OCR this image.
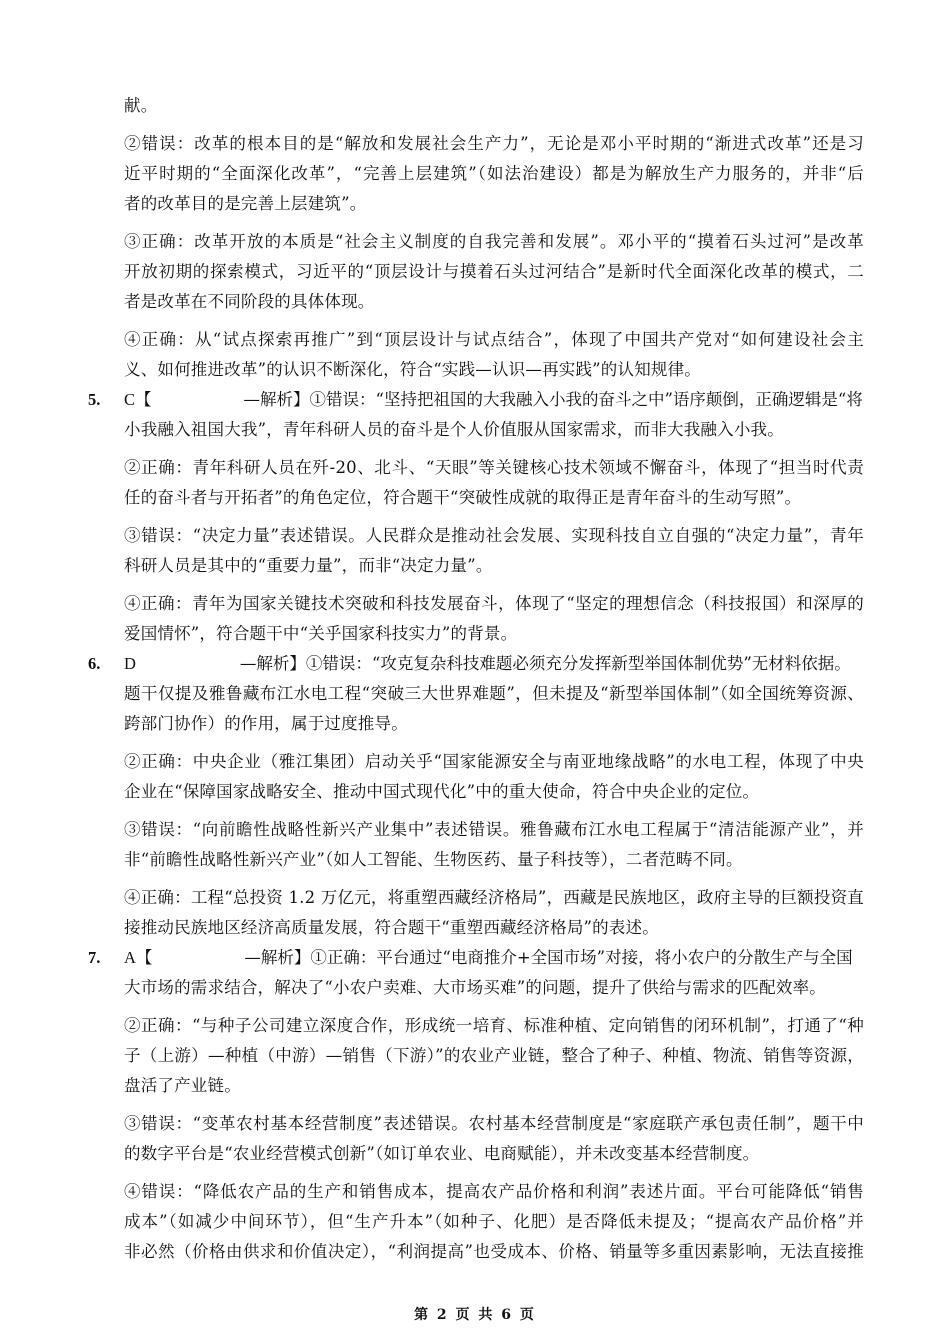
献。
②错误：改革的根本目的是“解放和发展社会生产力”，无论是邓小平时期的“渐进式改革”还是习
近平时期的“全面深化改革”，“完善上层建筑”（如法治建设）都是为解放生产力服务的，并非“后
者的改革目的是完善上层建筑”。
③正确：改革开放的本质是“社会主义制度的自我完善和发展”。邓小平的“摸着石头过河”是改革
开放初期的探索模式，习近平的“顶层设计与摸着石头过河结合”是新时代全面深化改革的模式，二
者是改革在不同阶段的具体体现。
④正确：从“试点探索再推广”到“顶层设计与试点结合”，体现了中国共产党对“如何建设社会主
义、如何推进改革”的认识不断深化，符合“实践—认识—再实践”的认知规律。
5. C【	—解析】①错误：“坚持把祖国的大我融入小我的奋斗之中”语序颠倒，正确逻辑是“将
小我融入祖国大我”，青年科研人员的奋斗是个人价值服从国家需求，而非大我融入小我。
②正确：青年科研人员在歼-20、北斗、“天眼”等关键核心技术领域不懈奋斗，体现了“担当时代责
任的奋斗者与开拓者”的角色定位，符合题干“突破性成就的取得正是青年奋斗的生动写照”。
③错误：“决定力量”表述错误。人民群众是推动社会发展、实现科技自立自强的“决定力量”，青年
科研人员是其中的“重要力量”，而非“决定力量”。
④正确：青年为国家关键技术突破和科技发展奋斗，体现了“坚定的理想信念（科技报国）和深厚的
爱国情怀”，符合题干中“关乎国家科技实力”的背景。
6. D	—解析】①错误：“攻克复杂科技难题必须充分发挥新型举国体制优势”无材料依据。
题干仅提及雅鲁藏布江水电工程“突破三大世界难题”，但未提及“新型举国体制”（如全国统筹资源、
跨部门协作）的作用，属于过度推导。
②正确：中央企业（雅江集团）启动关乎“国家能源安全与南亚地缘战略”的水电工程，体现了中央
企业在“保障国家战略安全、推动中国式现代化”中的重大使命，符合中央企业的定位。
③错误：“向前瞻性战略性新兴产业集中”表述错误。雅鲁藏布江水电工程属于“清洁能源产业”，并
非“前瞻性战略性新兴产业”（如人工智能、生物医药、量子科技等），二者范畴不同。
④正确：工程“总投资 1.2 万亿元，将重塑西藏经济格局”，西藏是民族地区，政府主导的巨额投资直
接推动民族地区经济高质量发展，符合题干“重塑西藏经济格局”的表述。
7. A【	—解析】①正确：平台通过“电商推介+全国市场”对接，将小农户的分散生产与全国
大市场的需求结合，解决了“小农户卖难、大市场买难”的问题，提升了供给与需求的匹配效率。
②正确：“与种子公司建立深度合作，形成统一培育、标准种植、定向销售的闭环机制”，打通了“种
子（上游）—种植（中游）—销售（下游）”的农业产业链，整合了种子、种植、物流、销售等资源，
盘活了产业链。
③错误：“变革农村基本经营制度”表述错误。农村基本经营制度是“家庭联产承包责任制”，题干中
的数字平台是“农业经营模式创新”（如订单农业、电商赋能），并未改变基本经营制度。
④错误：“降低农产品的生产和销售成本，提高农产品价格和利润”表述片面。平台可能降低“销售
成本”（如减少中间环节），但“生产升本”（如种子、化肥）是否降低未提及；“提高农产品价格”并
非必然（价格由供求和价值决定），“利润提高”也受成本、价格、销量等多重因素影响，无法直接推
第 2 页 共 6 页
